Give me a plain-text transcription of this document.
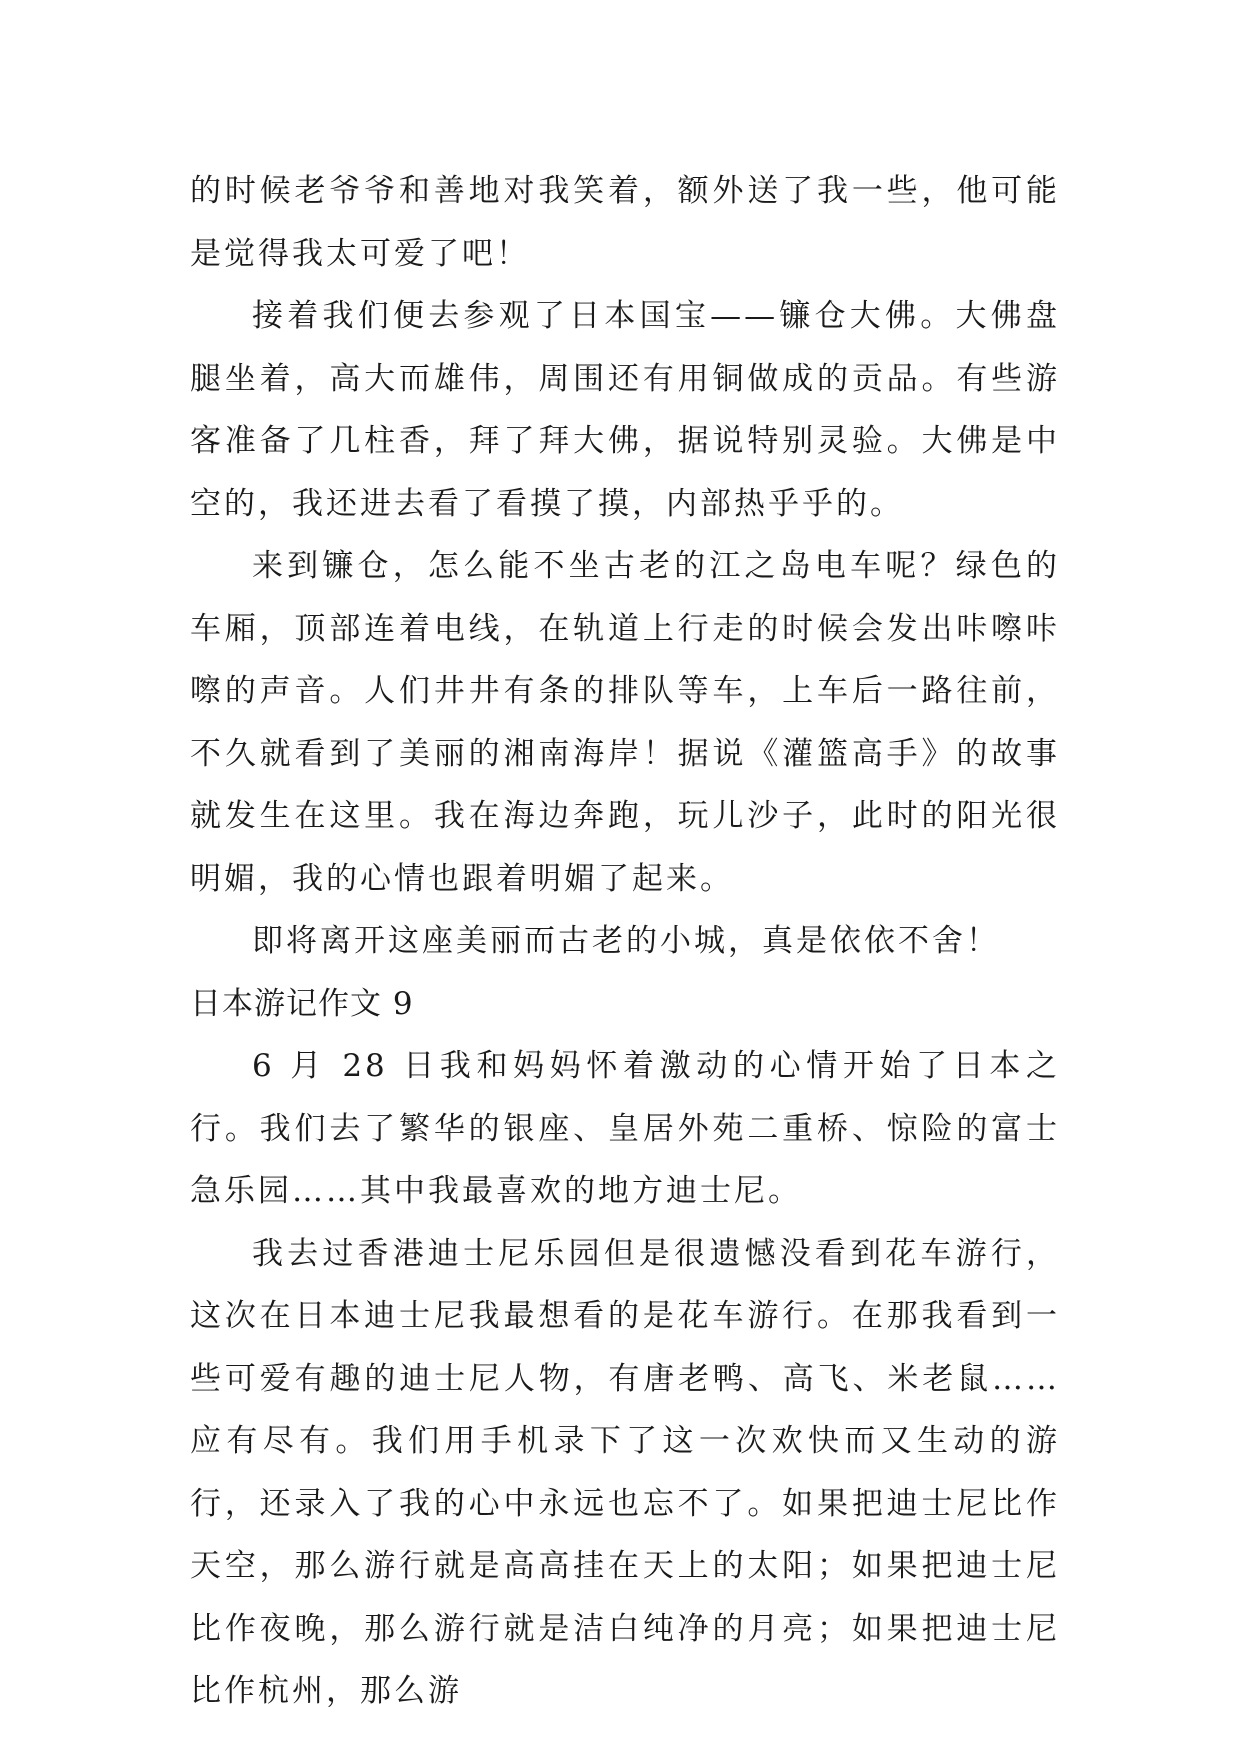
的时候老爷爷和善地对我笑着，额外送了我一些，他可能是觉得我太可爱了吧！

接着我们便去参观了日本国宝——镰仓大佛。大佛盘腿坐着，高大而雄伟，周围还有用铜做成的贡品。有些游客准备了几柱香，拜了拜大佛，据说特别灵验。大佛是中空的，我还进去看了看摸了摸，内部热乎乎的。

来到镰仓，怎么能不坐古老的江之岛电车呢？绿色的车厢，顶部连着电线，在轨道上行走的时候会发出咔嚓咔嚓的声音。人们井井有条的排队等车，上车后一路往前，不久就看到了美丽的湘南海岸！据说《灌篮高手》的故事就发生在这里。我在海边奔跑，玩儿沙子，此时的阳光很明媚，我的心情也跟着明媚了起来。

即将离开这座美丽而古老的小城，真是依依不舍！

日本游记作文 9

6 月 28 日我和妈妈怀着激动的心情开始了日本之行。我们去了繁华的银座、皇居外苑二重桥、惊险的富士急乐园……其中我最喜欢的地方迪士尼。

我去过香港迪士尼乐园但是很遗憾没看到花车游行，这次在日本迪士尼我最想看的是花车游行。在那我看到一些可爱有趣的迪士尼人物，有唐老鸭、高飞、米老鼠……应有尽有。我们用手机录下了这一次欢快而又生动的游行，还录入了我的心中永远也忘不了。如果把迪士尼比作天空，那么游行就是高高挂在天上的太阳；如果把迪士尼比作夜晚，那么游行就是洁白纯净的月亮；如果把迪士尼比作杭州，那么游
